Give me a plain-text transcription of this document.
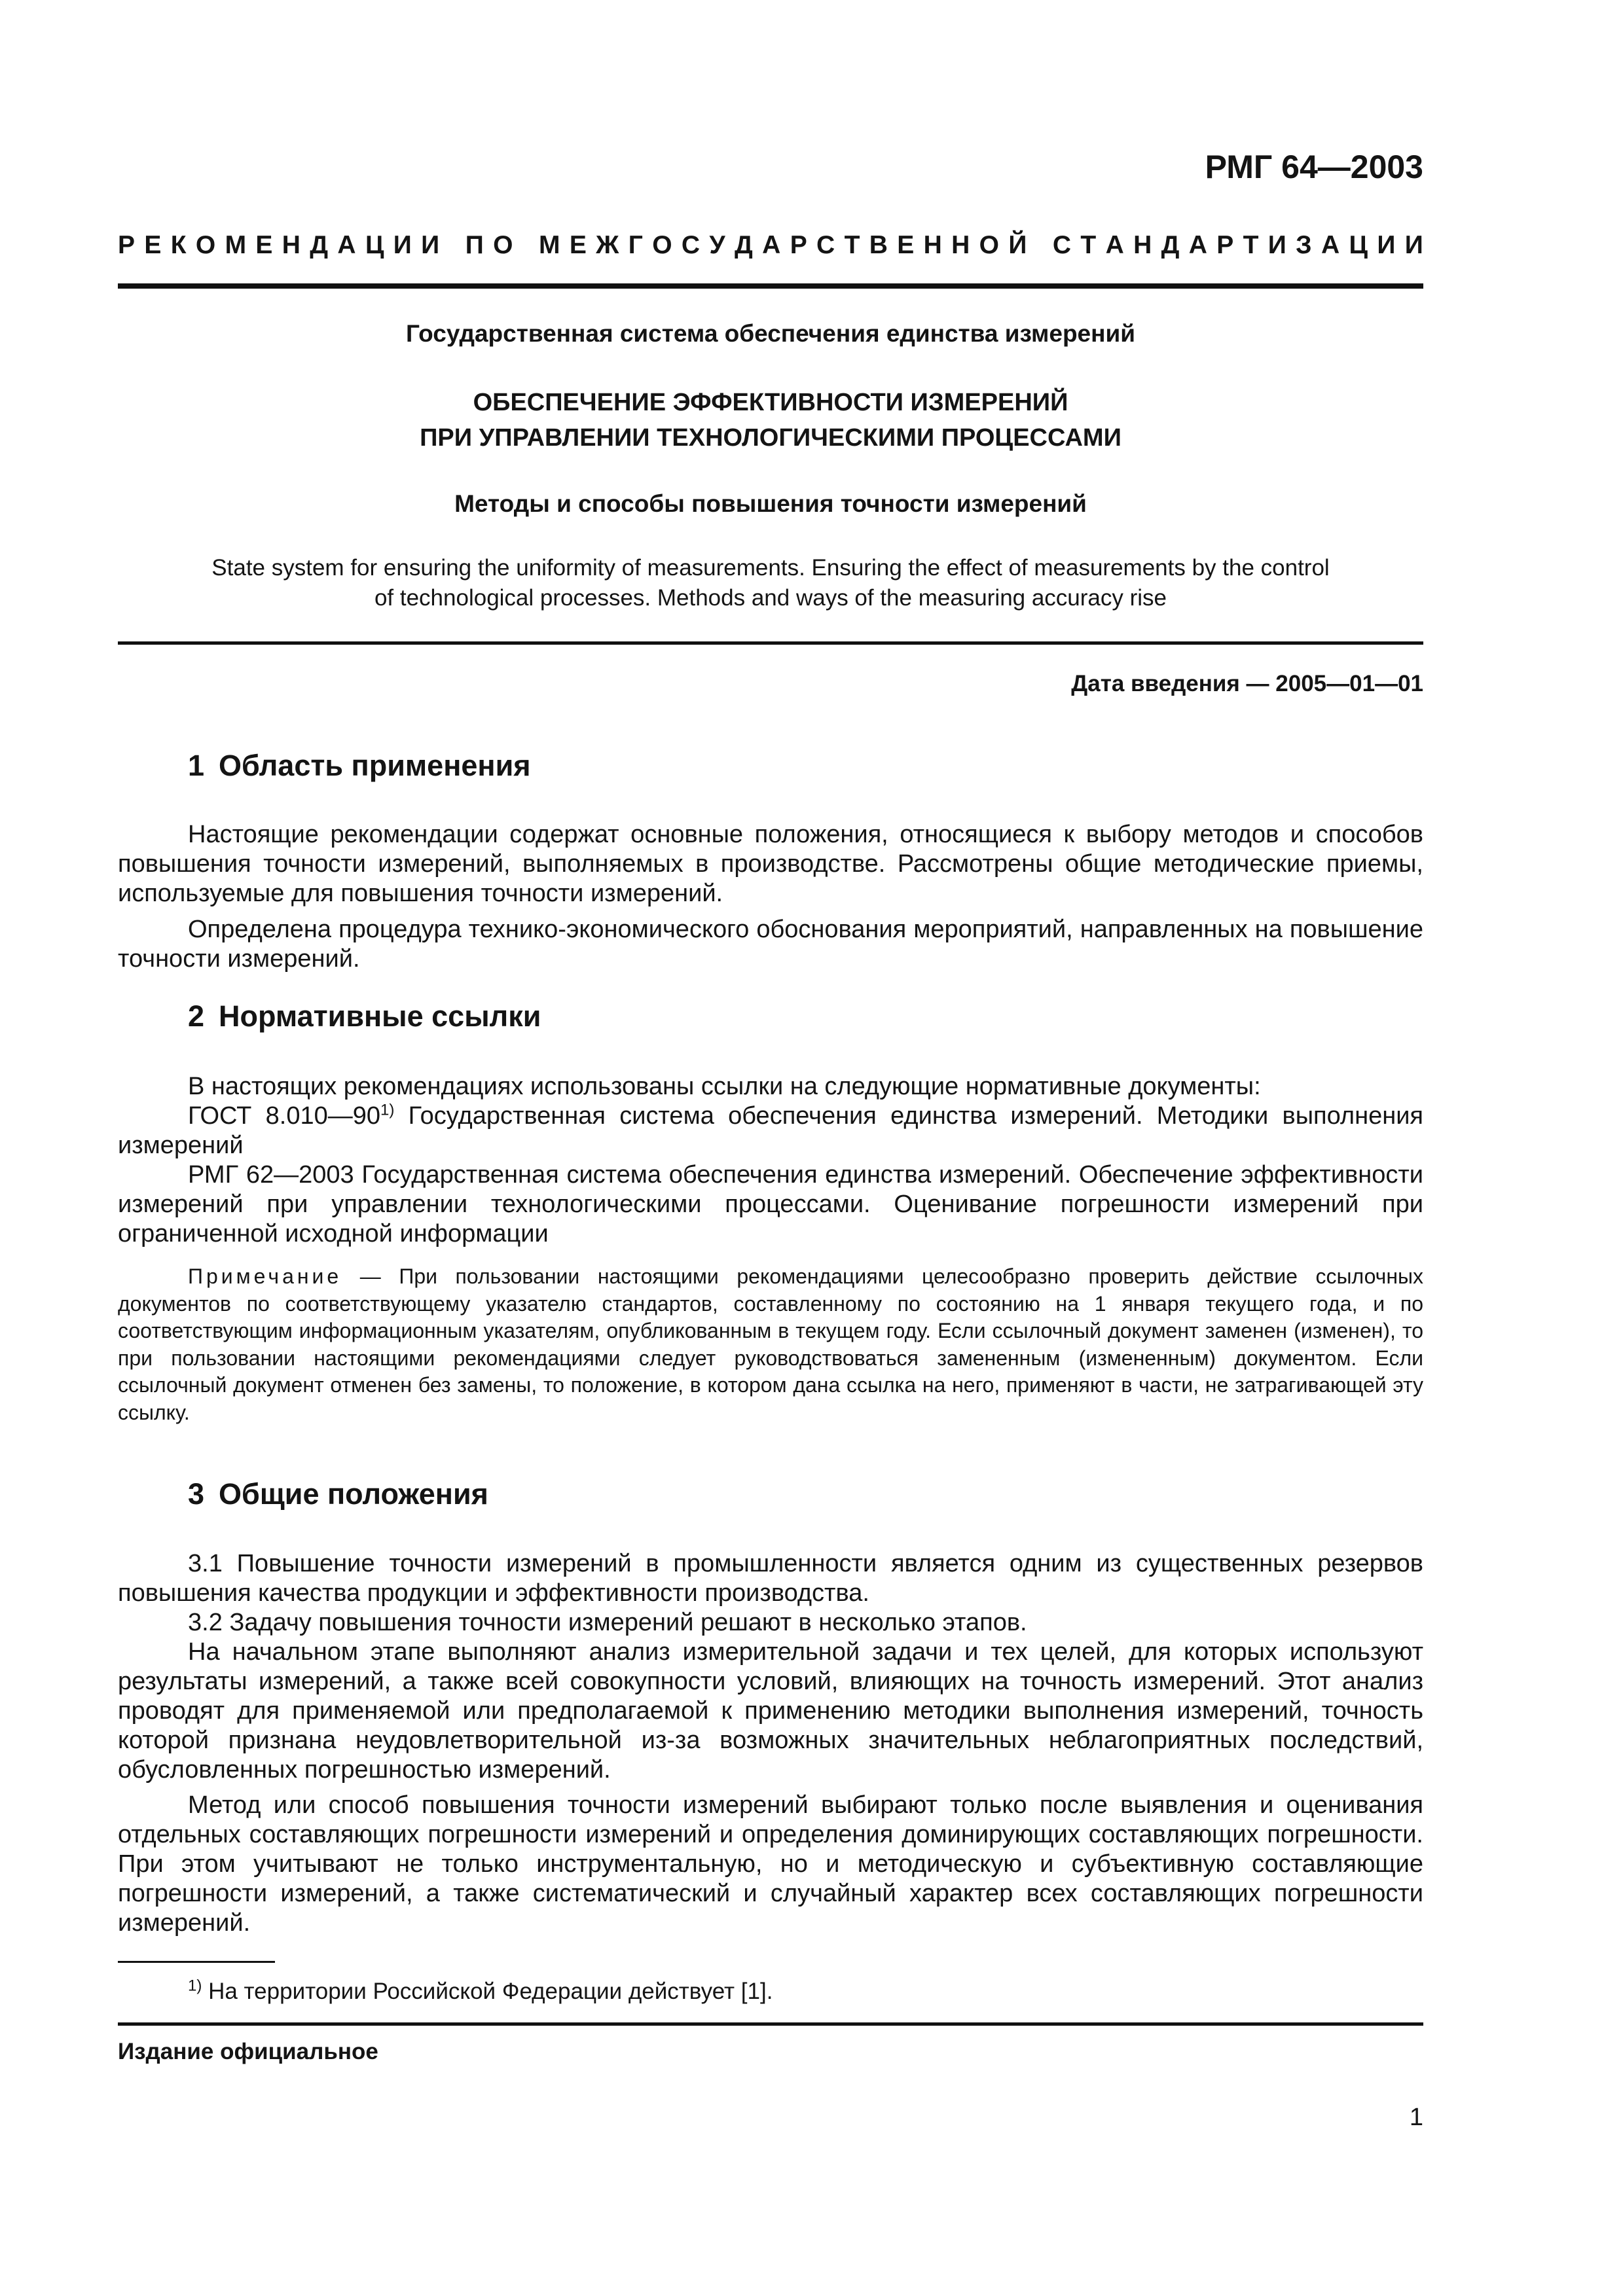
РМГ 64—2003
Р Е К О М Е Н Д А Ц И И
П О
М Е Ж Г О С У Д А Р С Т В Е Н Н О Й
С Т А Н Д А Р Т И З А Ц И И
Государственная система обеспечения единства измерений
ОБЕСПЕЧЕНИЕ ЭФФЕКТИВНОСТИ ИЗМЕРЕНИЙ
ПРИ УПРАВЛЕНИИ ТЕХНОЛОГИЧЕСКИМИ ПРОЦЕССАМИ
Методы и способы повышения точности измерений
State system for ensuring the uniformity of measurements. Ensuring the effect of measurements by the control
of technological processes. Methods and ways of the measuring accuracy rise
Дата введения — 2005—01—01
1 Область применения

Настоящие рекомендации содержат основные положения, относящиеся к выбору методов и способов повышения точности измерений, выполняемых в производстве. Рассмотрены общие методические приемы, используемые для повышения точности измерений.

Определена процедура технико-экономического обоснования мероприятий, направленных на повышение точности измерений.

2 Нормативные ссылки

В настоящих рекомендациях использованы ссылки на следующие нормативные документы:

ГОСТ 8.010—90$^{1)}$ Государственная система обеспечения единства измерений. Методики выполнения измерений

РМГ 62—2003 Государственная система обеспечения единства измерений. Обеспечение эффективности измерений при управлении технологическими процессами. Оценивание погрешности измерений при ограниченной исходной информации

Примечание — При пользовании настоящими рекомендациями целесообразно проверить действие ссылочных документов по соответствующему указателю стандартов, составленному по состоянию на 1 января текущего года, и по соответствующим информационным указателям, опубликованным в текущем году. Если ссылочный документ заменен (изменен), то при пользовании настоящими рекомендациями следует руководствоваться замененным (измененным) документом. Если ссылочный документ отменен без замены, то положение, в котором дана ссылка на него, применяют в части, не затрагивающей эту ссылку.

3 Общие положения

3.1 Повышение точности измерений в промышленности является одним из существенных резервов повышения качества продукции и эффективности производства.

3.2 Задачу повышения точности измерений решают в несколько этапов.

На начальном этапе выполняют анализ измерительной задачи и тех целей, для которых используют результаты измерений, а также всей совокупности условий, влияющих на точность измерений. Этот анализ проводят для применяемой или предполагаемой к применению методики выполнения измерений, точность которой признана неудовлетворительной из-за возможных значительных неблагоприятных последствий, обусловленных погрешностью измерений.

Метод или способ повышения точности измерений выбирают только после выявления и оценивания отдельных составляющих погрешности измерений и определения доминирующих составляющих погрешности. При этом учитывают не только инструментальную, но и методическую и субъективную составляющие погрешности измерений, а также систематический и случайный характер всех составляющих погрешности измерений.

$^{1)}$ На территории Российской Федерации действует [1].
Издание официальное
1
